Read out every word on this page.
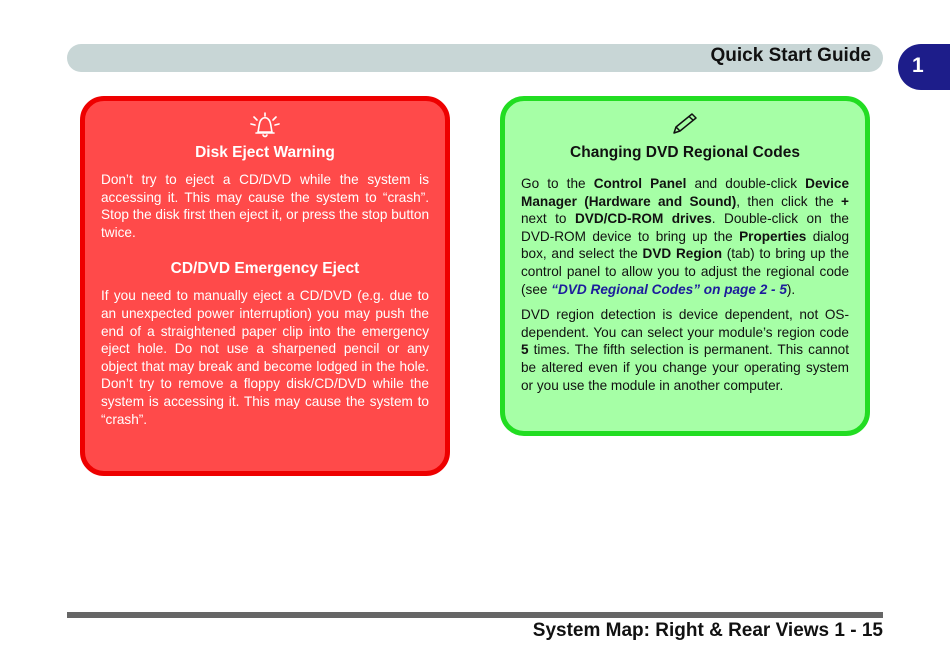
Quick Start Guide 1
Disk Eject Warning

Don’t try to eject a CD/DVD while the system is accessing it. This may cause the system to “crash”. Stop the disk first then eject it, or press the stop button twice.

CD/DVD Emergency Eject

If you need to manually eject a CD/DVD (e.g. due to an unexpected power interruption) you may push the end of a straightened paper clip into the emergency eject hole. Do not use a sharpened pencil or any object that may break and become lodged in the hole. Don’t try to remove a floppy disk/CD/DVD while the system is accessing it. This may cause the system to “crash”.

Changing DVD Regional Codes

Go to the Control Panel and double-click Device Manager (Hardware and Sound), then click the + next to DVD/CD-ROM drives. Double-click on the DVD-ROM device to bring up the Properties dialog box, and select the DVD Region (tab) to bring up the control panel to allow you to adjust the regional code (see “DVD Regional Codes” on page 2 - 5).

DVD region detection is device dependent, not OS-dependent. You can select your module’s region code 5 times. The fifth selection is permanent. This cannot be altered even if you change your operating system or you use the module in another computer.

System Map: Right & Rear Views 1 - 15
